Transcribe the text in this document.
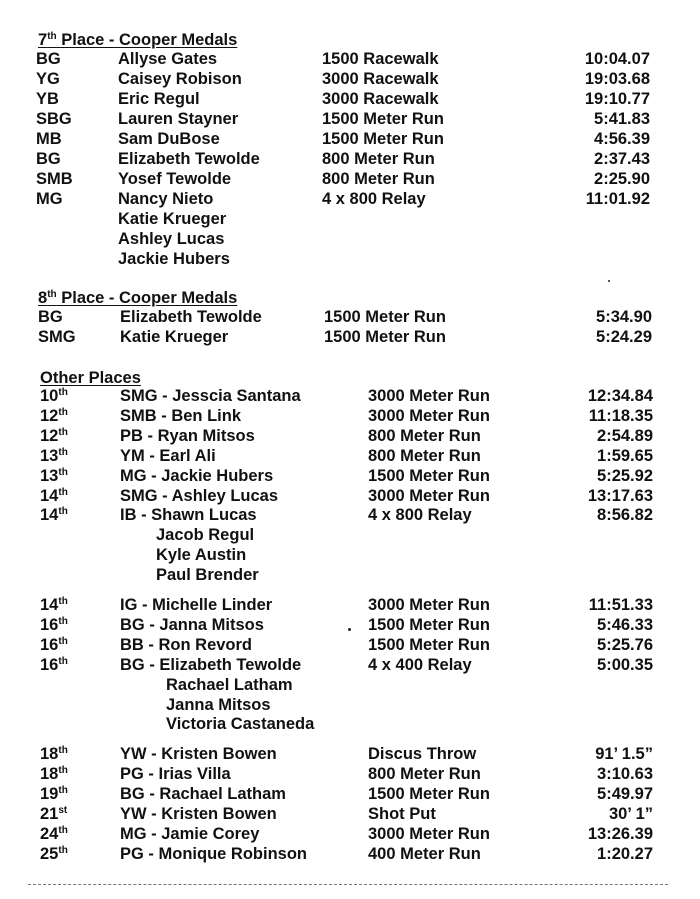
7th Place - Cooper Medals
BG	Allyse Gates	1500 Racewalk	10:04.07
YG	Caisey Robison	3000 Racewalk	19:03.68
YB	Eric Regul	3000 Racewalk	19:10.77
SBG	Lauren Stayner	1500 Meter Run	5:41.83
MB	Sam DuBose	1500 Meter Run	4:56.39
BG	Elizabeth Tewolde	800 Meter Run	2:37.43
SMB	Yosef Tewolde	800 Meter Run	2:25.90
MG	Nancy Nieto	4 x 800 Relay	11:01.92
Katie Krueger
Ashley Lucas
Jackie Hubers
8th Place - Cooper Medals
BG	Elizabeth Tewolde	1500 Meter Run	5:34.90
SMG	Katie Krueger	1500 Meter Run	5:24.29
Other Places
10th	SMG - Jesscia Santana	3000 Meter Run	12:34.84
12th	SMB - Ben Link	3000 Meter Run	11:18.35
12th	PB - Ryan Mitsos	800 Meter Run	2:54.89
13th	YM - Earl Ali	800 Meter Run	1:59.65
13th	MG - Jackie Hubers	1500 Meter Run	5:25.92
14th	SMG - Ashley Lucas	3000 Meter Run	13:17.63
14th	IB - Shawn Lucas	4 x 800 Relay	8:56.82
Jacob Regul
Kyle Austin
Paul Brender
14th	IG - Michelle Linder	3000 Meter Run	11:51.33
16th	BG - Janna Mitsos	1500 Meter Run	5:46.33
16th	BB - Ron Revord	1500 Meter Run	5:25.76
16th	BG - Elizabeth Tewolde	4 x 400 Relay	5:00.35
Rachael Latham
Janna Mitsos
Victoria Castaneda
18th	YW - Kristen Bowen	Discus Throw	91’ 1.5”
18th	PG - Irias Villa	800 Meter Run	3:10.63
19th	BG - Rachael Latham	1500 Meter Run	5:49.97
21st	YW - Kristen Bowen	Shot Put	30’ 1”
24th	MG - Jamie Corey	3000 Meter Run	13:26.39
25th	PG - Monique Robinson	400 Meter Run	1:20.27
